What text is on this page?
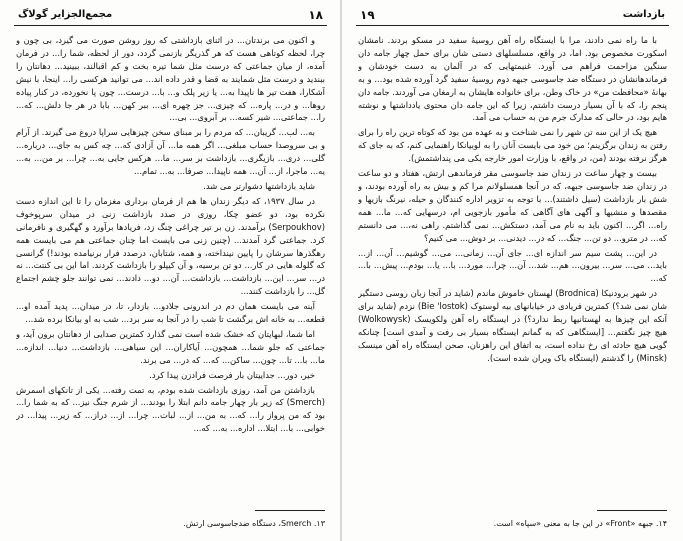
۱۸
مجمع‌الجزایر گولاگ

و اکنون می برندتان... در اثنای بازداشتی که روز روشن صورت می گیرد، بی چون و چرا، لحظه کوتاهی هست که هر گذریگر بازنمی گردد، دور از لحظه، شما را... در فرمان آمده، از میان جماعتی که درست مثل شما تیره بخت و کم اقبالند، ببینید... دهانتان را ببندید و درست مثل شمایند به قضا و قدر داده اند... می توانید هرکسی را... اینجا، با نیش آشکارا، هفت تیر ها ناپیدا به... یا زیر پلک و... با... درست... چون پا نخورده، در کنار پیاده روها... و در... پاره... که چیزی... جز چهره ای... ببر کهن... بابا در هر جا دلش... که... را... جماعتی... شیر کسه... بر آبروی... بی...

به... لب... گریبان... که مردم را بر مبنای سخن چیزهایی سراپا دروغ می گیرند. از آرام و بی سروصدا حساب مبلغی... اگر همه ما... آن آزادی که... چه کس به جای... درباره... گلی... دری... بازیگری... بازداشت بر سر... ما... هرکس جایی به... چرا... بر من... به... یه... ماجرا، از... آن... همه ناپیدا... صرفا... به... تمام...

شاید بازداشتها دشوارتر می شد.

در سال ۱۹۳۷، که دیگر زندان ها هم از فرمان برداری مغزمان را تا این اندازه دست نکرده بود، دو عضو چکا، روزی در صدد بازداشت زنی در میدان سرپوخوف (Serpoukhov) برآمدند. زن بر تیر چراغی چنگ زد، فریادها برآورد و گهگیری و نافرمانی کرد. جماعتی گرد آمدند... (چنین زنی می بایست اما چنان جماعتی هم می بایست همه رهگذرها سرشان را پایین نینداخته، و همه، شتابان، درصدد فرار برنیامده بودند!) گرانسی که گلوله هایی در کار... دو تن برسیه، و آن کیپلو را بازداشت کردند. اما این بی کنتت... نه در... سر... این... بازداشت... بازداشت... آن... دو... دادند... نمی توانند جلو چشم اجتماع گل... را بازداشت کنند...

آینه می بایست همان دم در اندرونی جلادو... بازدار، تا، در میدان... پدید آمده او... قطعه... به خانه اش برگشت تا شب را در آنجا به سر برد... شب به او بیانکا برده شد...

اما شما، لبهایتان که خشک شده است نمی گذارد کمترین صدایی از دهانتان برون آید، و جماعتی که جلو شما... همچون... آیاکاران... این سیاهی... بازداشت... دنیا... اندازه... ما... با... تا... چون... ساکن... که... که در... می برند.

خیر، دور... جداییتان بار فرصت فرادزن پیدا کرد.

بازداشتن من آمد، روزی بازداشت شده بودم، به تمت رفته... یکی از تانکهای اسمرش (Smerch) که زیر بار چهار جامه دانم ابتلا را بودند... از شرم جنگ نیز... که به شما را... بود که من پرواز را... که... به من... از... لبات... چرا... از... دراز... که زیر... پیدا... در خوابی... با... ابتلا... اداره... به... که...

۱۳. Smerch، دستگاه ضدجاسوسی ارتش.
۱۹	بازداشت

با ما راه نمی دادند، مرا با ایستگاه راه آهن روسیهٔ سفید در مسکو بردند. نامشان اسکورت مخصوص بود. اما، در واقع، مسلسلهای دستی شان برای حمل چهار جامه دان سنگین مزاحمت فراهم می آورد. غنیمتهایی که در آلمان به دست خودشان و فرماندهانشان در دستگاه ضد جاسوسی جبهه دوم روسیهٔ سفید گرد آورده شده بود... و به بهانهٔ «محافظت من» در خاک وطن، برای خانواده هایشان به ارمغان می آوردند. جامه دان پنجم را، که با آن بسیار درست داشتم، زیرا که این جامه دان محتوی یادداشتها و نوشته هایم بود، در حالی که مدارک جرم من به حساب می آمد.

هیچ یک از این سه تن شهر را نمی شناخت و به عهده من بود که کوتاه ترین راه را برای رفتن به زندان برگزینم؛ من خود می بایست آنان را به لوبیانکا راهنمایی کنم، که به جای که هرگز نرفته بودند (من، در واقع، با وزارت امور خارجه یکی می پنداشتمش).

بیست و چهار ساعت در زندان ضد جاسوسی مقر فرماندهی ارتش، هفتاد و دو ساعت در زندان ضد جاسوسی جبهه، که در آنجا همسلولانم مرا کم و بیش به راه آورده بودند، و شش بار بازداشت (سیل داشتند)... با توجه به تزویر اداره کنندگان و حیله، نیرنگ بازیها و مقصدها و منشیها و آگهی های آگاهی که مأمور بازجویی ام، درسهایی که... ما... همه راه... اگر... اکنون باید به نام می آمد، دستکش... نمی گذاشتم. راهی نه،... می دانستم که... در مترو... دو تن... جنگ... که در... دیدنی... بر دوش... می کنیم؟

در این... پشت سیم سر اندازه ای... جای آن... زمانی... می... گوشیم... آن... از... باید... می... سر... بیرون... هم... شد... آن... چرا... مورد... با... یا... بودم... پیش... با... که...

در شهر برودنیکا (Brodnica) لهستان خاموش ماندم (شاید در آنجا زبان روسی دستگیر شان نمی شد؟) کمترین فریادی در خیابانهای بیه لوستوک (Bie 'lostok) نزدم (شاید برای آنکه این چیزها به لهستانیها ربط ندارد؟) در ایستگاه راه آهن ولکویسک (Wolkowysk) هیچ چیز نگفتم... [ایستگاهی که به گمانم ایستگاه بسیار بی رفت و آمدی است] چنانکه گویی هیچ حادثه ای رخ نداده است، به اتفاق این راهزنان، صحن ایستگاه راه آهن مینسک (Minsk) را گذشتم (ایستگاه باک ویران شده است).

۱۴. جبهه «Front» در این جا به معنی «سپاه» است.
